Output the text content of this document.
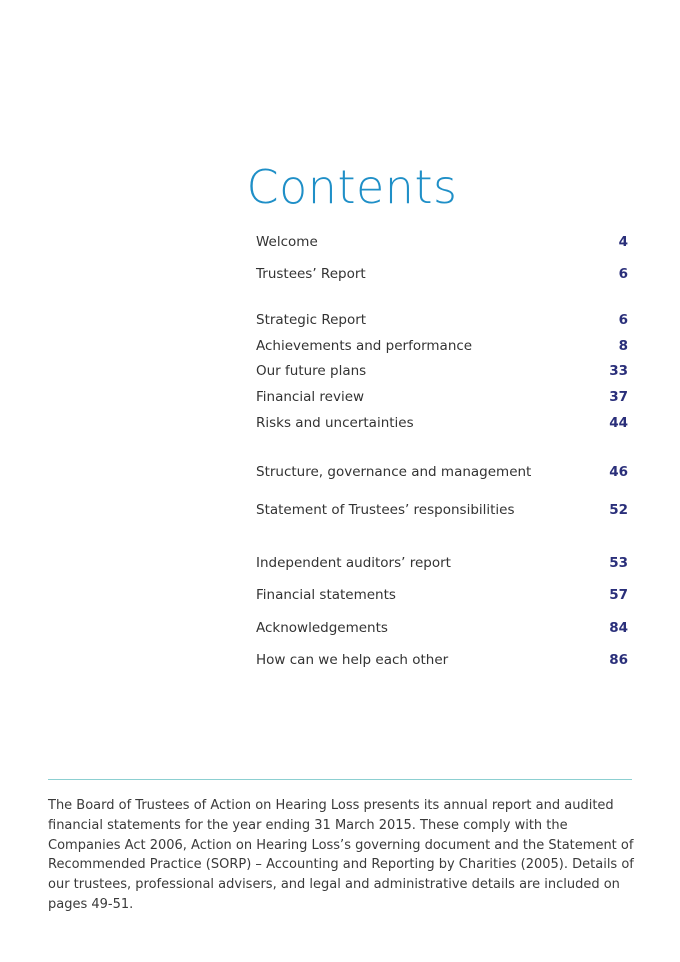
Contents
Welcome	4
Trustees’ Report	6
Strategic Report	6
Achievements and performance	8
Our future plans	33
Financial review	37
Risks and uncertainties	44
Structure, governance and management	46
Statement of Trustees’ responsibilities	52
Independent auditors’ report	53
Financial statements	57
Acknowledgements	84
How can we help each other	86

The Board of Trustees of Action on Hearing Loss presents its annual report and audited financial statements for the year ending 31 March 2015. These comply with the Companies Act 2006, Action on Hearing Loss’s governing document and the Statement of Recommended Practice (SORP) – Accounting and Reporting by Charities (2005). Details of our trustees, professional advisers, and legal and administrative details are included on pages 49-51.
